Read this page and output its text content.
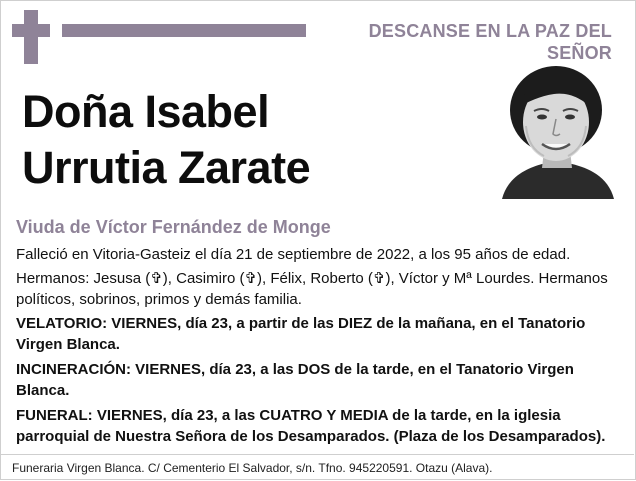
DESCANSE EN LA PAZ DEL SEÑOR
Doña Isabel
Urrutia Zarate
Viuda de Víctor Fernández de Monge

Falleció en Vitoria-Gasteiz el día 21 de septiembre de 2022, a los 95 años de edad.

Hermanos: Jesusa (✞), Casimiro (✞), Félix, Roberto (✞), Víctor y Mª Lourdes. Hermanos políticos, sobrinos, primos y demás familia.

VELATORIO: VIERNES, día 23, a partir de las DIEZ de la mañana, en el Tanatorio Virgen Blanca.

INCINERACIÓN: VIERNES, día 23, a las DOS de la tarde, en el Tanatorio Virgen Blanca.

FUNERAL: VIERNES, día 23, a las CUATRO Y MEDIA de la tarde, en la iglesia parroquial de Nuestra Señora de los Desamparados. (Plaza de los Desamparados).

Funeraria Virgen Blanca. C/ Cementerio El Salvador, s/n. Tfno. 945220591. Otazu (Alava).
